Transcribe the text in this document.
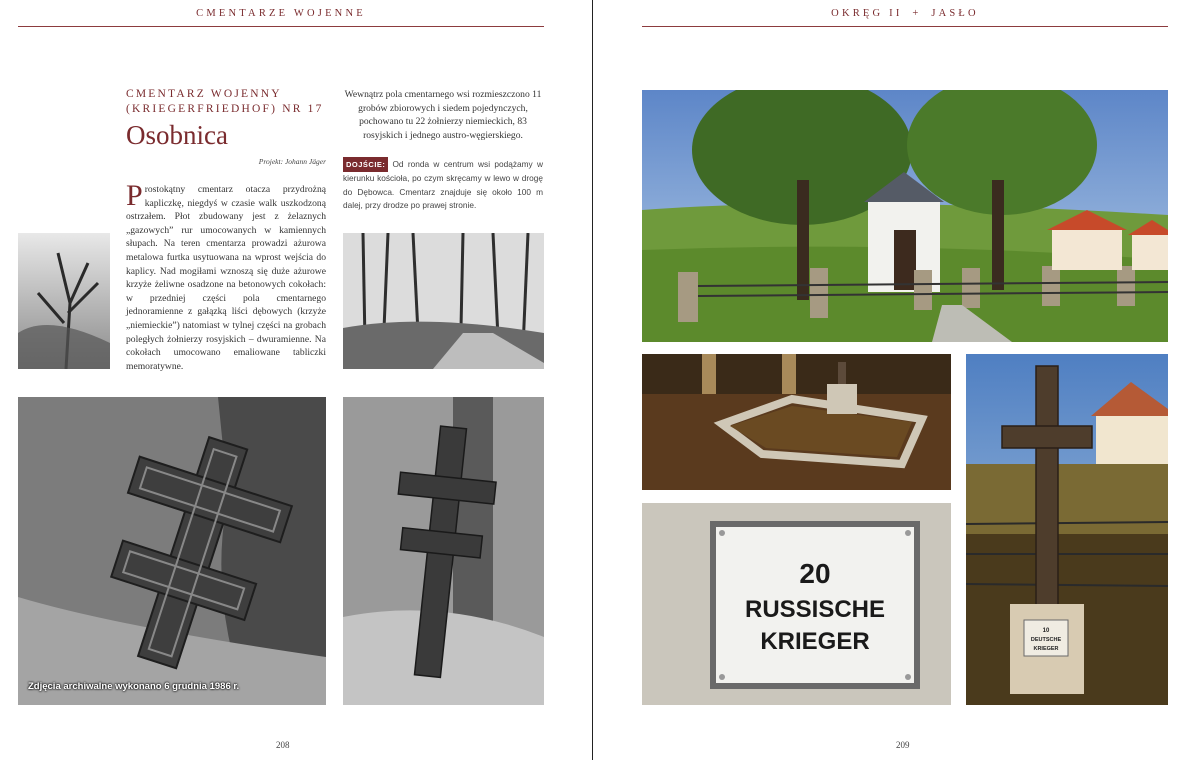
CMENTARZE WOJENNE
CMENTARZ WOJENNY
(KRIEGERFRIEDHOF) NR 17
Osobnica
Projekt: Johann Jäger
Prostokątny cmentarz otacza przydrożną kapliczkę, niegdyś w czasie walk uszkodzoną ostrzałem. Płot zbudowany jest z żelaznych „gazowych” rur umocowanych w kamiennych słupach. Na teren cmentarza prowadzi ażurowa metalowa furtka usytuowana na wprost wejścia do kaplicy. Nad mogiłami wznoszą się duże ażurowe krzyże żeliwne osadzone na betonowych cokołach: w przedniej części pola cmentarnego jednoramienne z gałązką liści dębowych (krzyże „niemieckie”) natomiast w tylnej części na grobach poległych żołnierzy rosyjskich – dwuramienne. Na cokołach umocowano emaliowane tabliczki memoratywne.
Wewnątrz pola cmentarnego wsi rozmieszczono 11 grobów zbiorowych i siedem pojedynczych, pochowano tu 22 żołnierzy niemieckich, 83 rosyjskich i jednego austro-węgierskiego.
DOJŚCIE: Od ronda w centrum wsi podążamy w kierunku kościoła, po czym skręcamy w lewo w drogę do Dębowca. Cmentarz znajduje się około 100 m dalej, przy drodze po prawej stronie.
Zdjęcia archiwalne wykonano 6 grudnia 1986 r.
208
OKRĘG II + JASŁO
20
RUSSISCHE
KRIEGER	10
DEUTSCHE
KRIEGER
209
